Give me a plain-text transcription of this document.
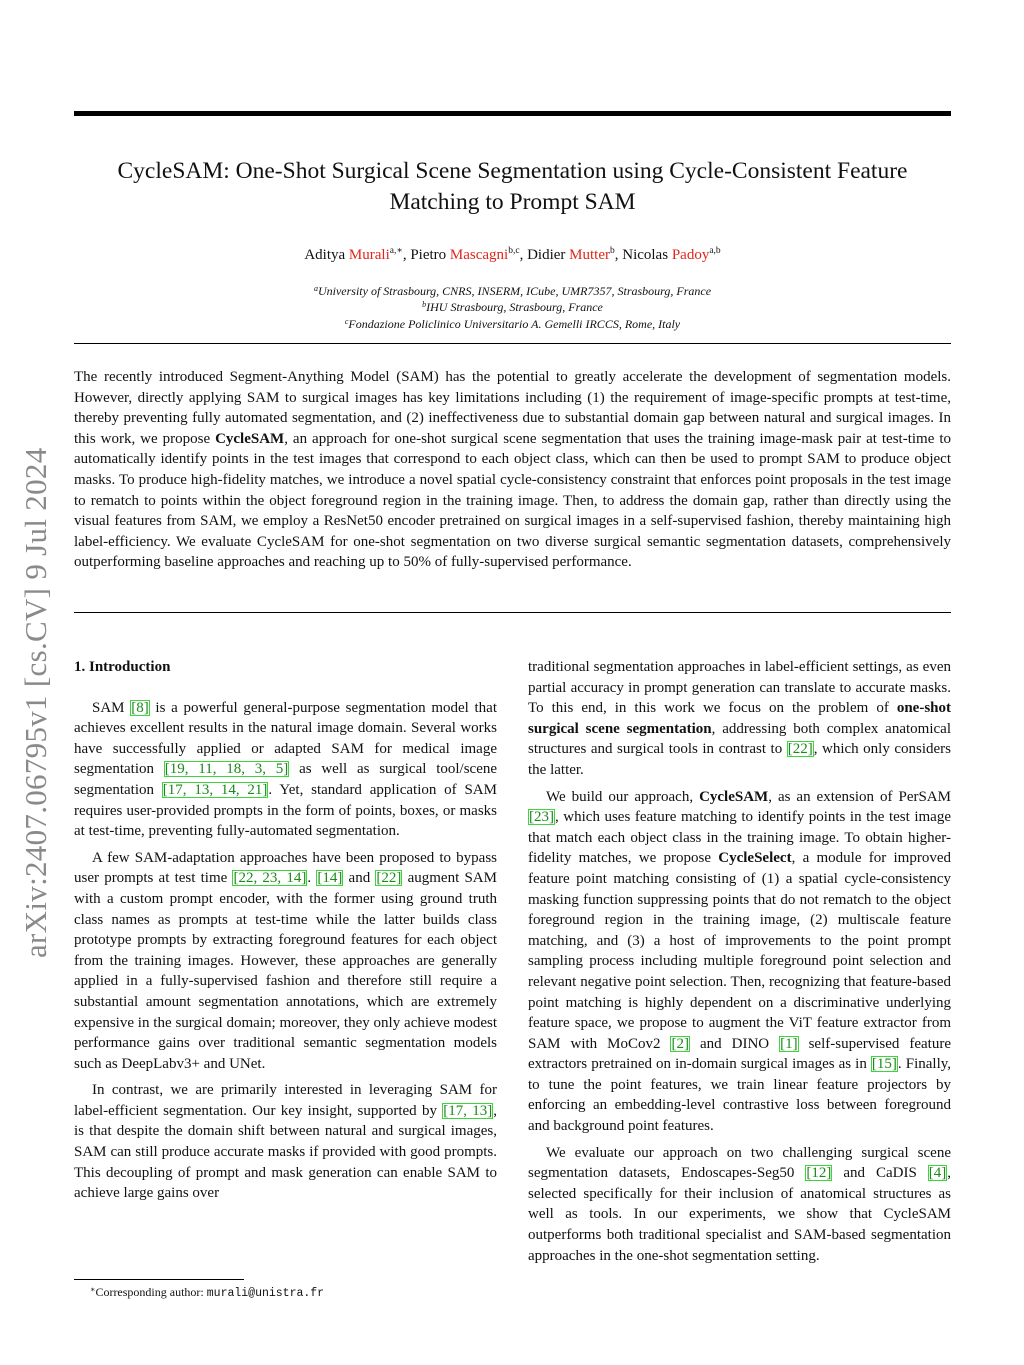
CycleSAM: One-Shot Surgical Scene Segmentation using Cycle-Consistent Feature
Matching to Prompt SAM
Aditya Murali$^{a,∗}$, Pietro Mascagni$^{b,c}$, Didier Mutter$^b$, Nicolas Padoy$^{a,b}$
$^a$University of Strasbourg, CNRS, INSERM, ICube, UMR7357, Strasbourg, France
$^b$IHU Strasbourg, Strasbourg, France
$^c$Fondazione Policlinico Universitario A. Gemelli IRCCS, Rome, Italy
The recently introduced Segment-Anything Model (SAM) has the potential to greatly accelerate the development of segmentation models. However, directly applying SAM to surgical images has key limitations including (1) the requirement of image-specific prompts at test-time, thereby preventing fully automated segmentation, and (2) ineffectiveness due to substantial domain gap between natural and surgical images. In this work, we propose CycleSAM, an approach for one-shot surgical scene segmentation that uses the training image-mask pair at test-time to automatically identify points in the test images that correspond to each object class, which can then be used to prompt SAM to produce object masks. To produce high-fidelity matches, we introduce a novel spatial cycle-consistency constraint that enforces point proposals in the test image to rematch to points within the object foreground region in the training image. Then, to address the domain gap, rather than directly using the visual features from SAM, we employ a ResNet50 encoder pretrained on surgical images in a self-supervised fashion, thereby maintaining high label-efficiency. We evaluate CycleSAM for one-shot segmentation on two diverse surgical semantic segmentation datasets, comprehensively outperforming baseline approaches and reaching up to 50% of fully-supervised performance.
arXiv:2407.06795v1 [cs.CV] 9 Jul 2024 1. Introduction

SAM [8] is a powerful general-purpose segmentation model that achieves excellent results in the natural image domain. Several works have successfully applied or adapted SAM for medical image segmentation [19, 11, 18, 3, 5] as well as surgical tool/scene segmentation [17, 13, 14, 21]. Yet, standard application of SAM requires user-provided prompts in the form of points, boxes, or masks at test-time, preventing fully-automated segmentation.

A few SAM-adaptation approaches have been proposed to bypass user prompts at test time [22, 23, 14]. [14] and [22] augment SAM with a custom prompt encoder, with the former using ground truth class names as prompts at test-time while the latter builds class prototype prompts by extracting foreground features for each object from the training images. However, these approaches are generally applied in a fully-supervised fashion and therefore still require a substantial amount segmentation annotations, which are extremely expensive in the surgical domain; moreover, they only achieve modest performance gains over traditional semantic segmentation models such as DeepLabv3+ and UNet.

In contrast, we are primarily interested in leveraging SAM for label-efficient segmentation. Our key insight, supported by [17, 13], is that despite the domain shift between natural and surgical images, SAM can still produce accurate masks if provided with good prompts. This decoupling of prompt and mask generation can enable SAM to achieve large gains over

traditional segmentation approaches in label-efficient settings, as even partial accuracy in prompt generation can translate to accurate masks. To this end, in this work we focus on the problem of one-shot surgical scene segmentation, addressing both complex anatomical structures and surgical tools in contrast to [22], which only considers the latter.

We build our approach, CycleSAM, as an extension of PerSAM [23], which uses feature matching to identify points in the test image that match each object class in the training image. To obtain higher-fidelity matches, we propose CycleSelect, a module for improved feature point matching consisting of (1) a spatial cycle-consistency masking function suppressing points that do not rematch to the object foreground region in the training image, (2) multiscale feature matching, and (3) a host of improvements to the point prompt sampling process including multiple foreground point selection and relevant negative point selection. Then, recognizing that feature-based point matching is highly dependent on a discriminative underlying feature space, we propose to augment the ViT feature extractor from SAM with MoCov2 [2] and DINO [1] self-supervised feature extractors pretrained on in-domain surgical images as in [15]. Finally, to tune the point features, we train linear feature projectors by enforcing an embedding-level contrastive loss between foreground and background point features.

We evaluate our approach on two challenging surgical scene segmentation datasets, Endoscapes-Seg50 [12] and CaDIS [4], selected specifically for their inclusion of anatomical structures as well as tools. In our experiments, we show that CycleSAM outperforms both traditional specialist and SAM-based segmentation approaches in the one-shot segmentation setting.

∗Corresponding author: murali@unistra.fr
